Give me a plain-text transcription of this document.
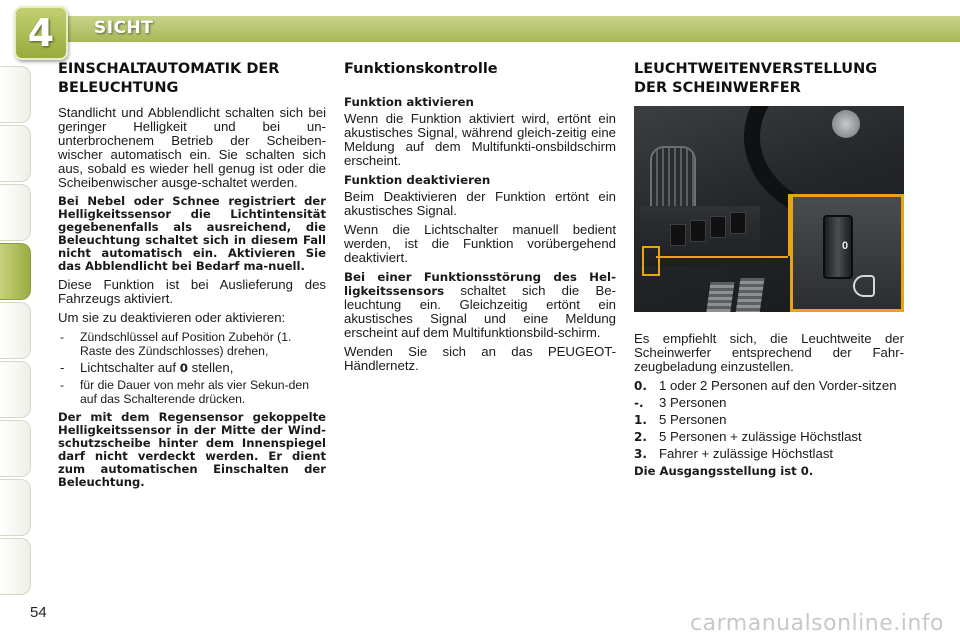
4	SICHT
EINSCHALTAUTOMATIK DER BELEUCHTUNG

Standlicht und Abblendlicht schalten sich bei geringer Helligkeit und bei un-unterbrochenem Betrieb der Scheiben-wischer automatisch ein. Sie schalten sich aus, sobald es wieder hell genug ist oder die Scheibenwischer ausge-schaltet werden.

Bei Nebel oder Schnee registriert der Helligkeitssensor die Lichtintensität gegebenenfalls als ausreichend, die Beleuchtung schaltet sich in diesem Fall nicht automatisch ein. Aktivieren Sie das Abblendlicht bei Bedarf ma-nuell.

Diese Funktion ist bei Auslieferung des Fahrzeugs aktiviert.

Um sie zu deaktivieren oder aktivieren:

- Zündschlüssel auf Position Zubehör (1. Raste des Zündschlosses) drehen,
- Lichtschalter auf 0 stellen,
- für die Dauer von mehr als vier Sekun-den auf das Schalterende drücken.
Der mit dem Regensensor gekoppelte Helligkeitssensor in der Mitte der Wind-schutzscheibe hinter dem Innenspiegel darf nicht verdeckt werden. Er dient zum automatischen Einschalten der Beleuchtung.
Funktionskontrolle
Funktion aktivieren

Wenn die Funktion aktiviert wird, ertönt ein akustisches Signal, während gleich-zeitig eine Meldung auf dem Multifunkti-onsbildschirm erscheint.

Funktion deaktivieren

Beim Deaktivieren der Funktion ertönt ein akustisches Signal.

Wenn die Lichtschalter manuell bedient werden, ist die Funktion vorübergehend deaktiviert.

Bei einer Funktionsstörung des Hel-ligkeitssensors schaltet sich die Be-leuchtung ein. Gleichzeitig ertönt ein akustisches Signal und eine Meldung erscheint auf dem Multifunktionsbild-schirm.

Wenden Sie sich an das PEUGEOT-Händlernetz.

LEUCHTWEITENVERSTELLUNG DER SCHEINWERFER
0

Es empfiehlt sich, die Leuchtweite der Scheinwerfer entsprechend der Fahr-zeugbeladung einzustellen.

0. 1 oder 2 Personen auf den Vorder-sitzen
-. 3 Personen
1. 5 Personen
2. 5 Personen + zulässige Höchstlast
3. Fahrer + zulässige Höchstlast
Die Ausgangsstellung ist 0.
54	carmanualsonline.info
